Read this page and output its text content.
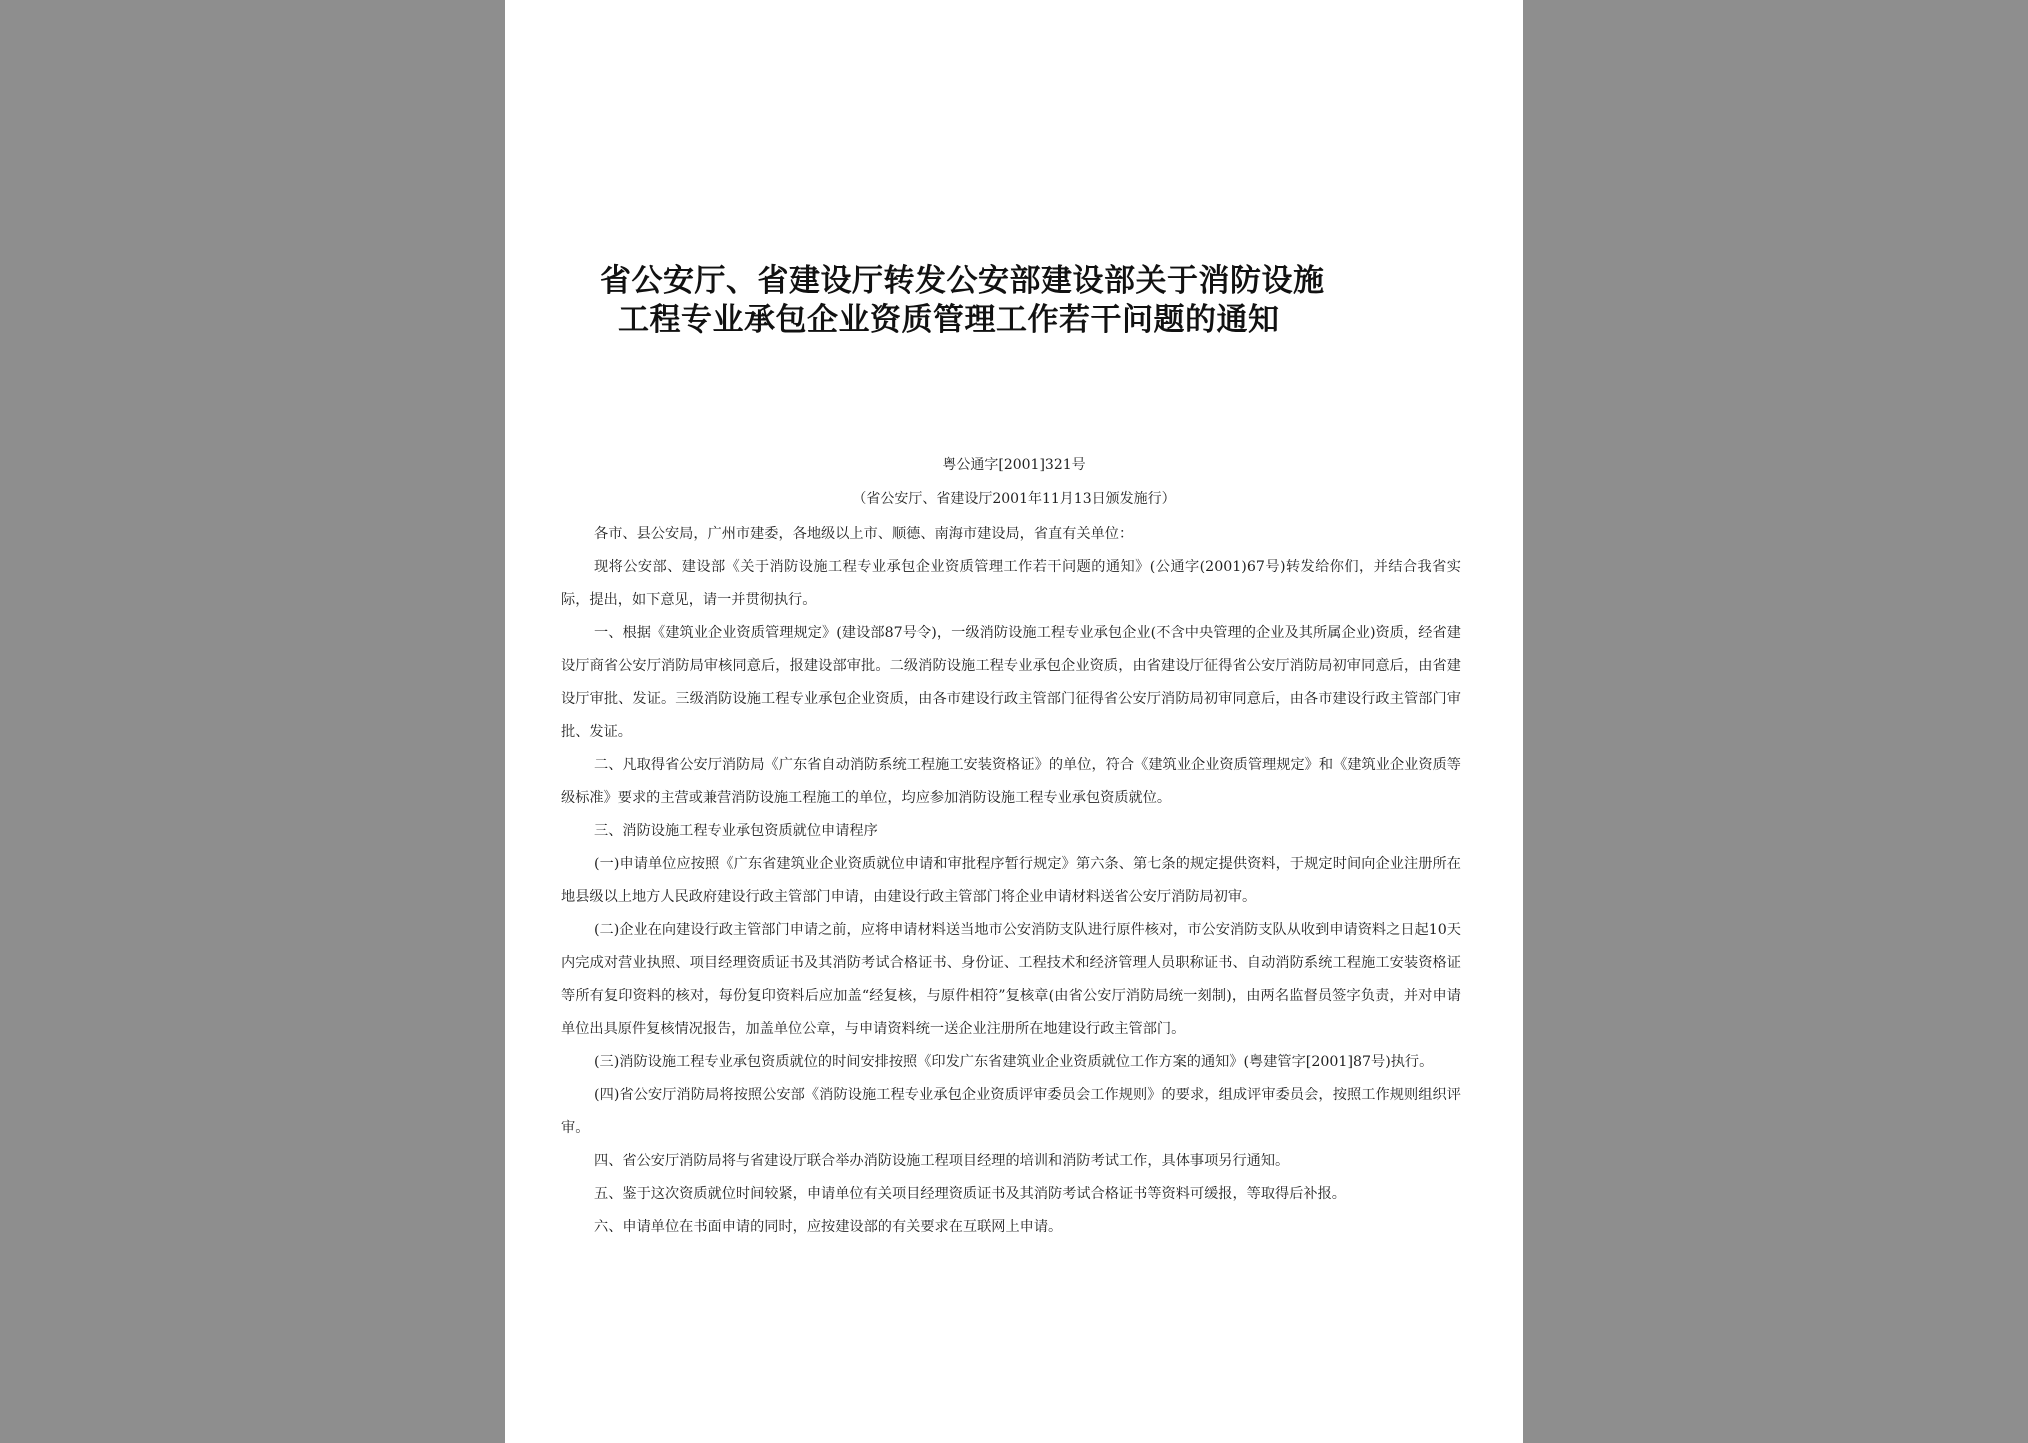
省公安厅、省建设厅转发公安部建设部关于消防设施
工程专业承包企业资质管理工作若干问题的通知
粤公通字[2001]321号
（省公安厅、省建设厅2001年11月13日颁发施行）

各市、县公安局，广州市建委，各地级以上市、顺德、南海市建设局，省直有关单位：

现将公安部、建设部《关于消防设施工程专业承包企业资质管理工作若干问题的通知》(公通字(2001)67号)转发给你们，并结合我省实际，提出，如下意见，请一并贯彻执行。

一、根据《建筑业企业资质管理规定》(建设部87号令)，一级消防设施工程专业承包企业(不含中央管理的企业及其所属企业)资质，经省建设厅商省公安厅消防局审核同意后，报建设部审批。二级消防设施工程专业承包企业资质，由省建设厅征得省公安厅消防局初审同意后，由省建设厅审批、发证。三级消防设施工程专业承包企业资质，由各市建设行政主管部门征得省公安厅消防局初审同意后，由各市建设行政主管部门审批、发证。

二、凡取得省公安厅消防局《广东省自动消防系统工程施工安装资格证》的单位，符合《建筑业企业资质管理规定》和《建筑业企业资质等级标准》要求的主营或兼营消防设施工程施工的单位，均应参加消防设施工程专业承包资质就位。

三、消防设施工程专业承包资质就位申请程序

(一)申请单位应按照《广东省建筑业企业资质就位申请和审批程序暂行规定》第六条、第七条的规定提供资料，于规定时间向企业注册所在地县级以上地方人民政府建设行政主管部门申请，由建设行政主管部门将企业申请材料送省公安厅消防局初审。

(二)企业在向建设行政主管部门申请之前，应将申请材料送当地市公安消防支队进行原件核对，市公安消防支队从收到申请资料之日起10天内完成对营业执照、项目经理资质证书及其消防考试合格证书、身份证、工程技术和经济管理人员职称证书、自动消防系统工程施工安装资格证等所有复印资料的核对，每份复印资料后应加盖“经复核，与原件相符”复核章(由省公安厅消防局统一刻制)，由两名监督员签字负责，并对申请单位出具原件复核情况报告，加盖单位公章，与申请资料统一送企业注册所在地建设行政主管部门。

(三)消防设施工程专业承包资质就位的时间安排按照《印发广东省建筑业企业资质就位工作方案的通知》(粤建管字[2001]87号)执行。

(四)省公安厅消防局将按照公安部《消防设施工程专业承包企业资质评审委员会工作规则》的要求，组成评审委员会，按照工作规则组织评审。

四、省公安厅消防局将与省建设厅联合举办消防设施工程项目经理的培训和消防考试工作，具体事项另行通知。

五、鉴于这次资质就位时间较紧，申请单位有关项目经理资质证书及其消防考试合格证书等资料可缓报，等取得后补报。

六、申请单位在书面申请的同时，应按建设部的有关要求在互联网上申请。
